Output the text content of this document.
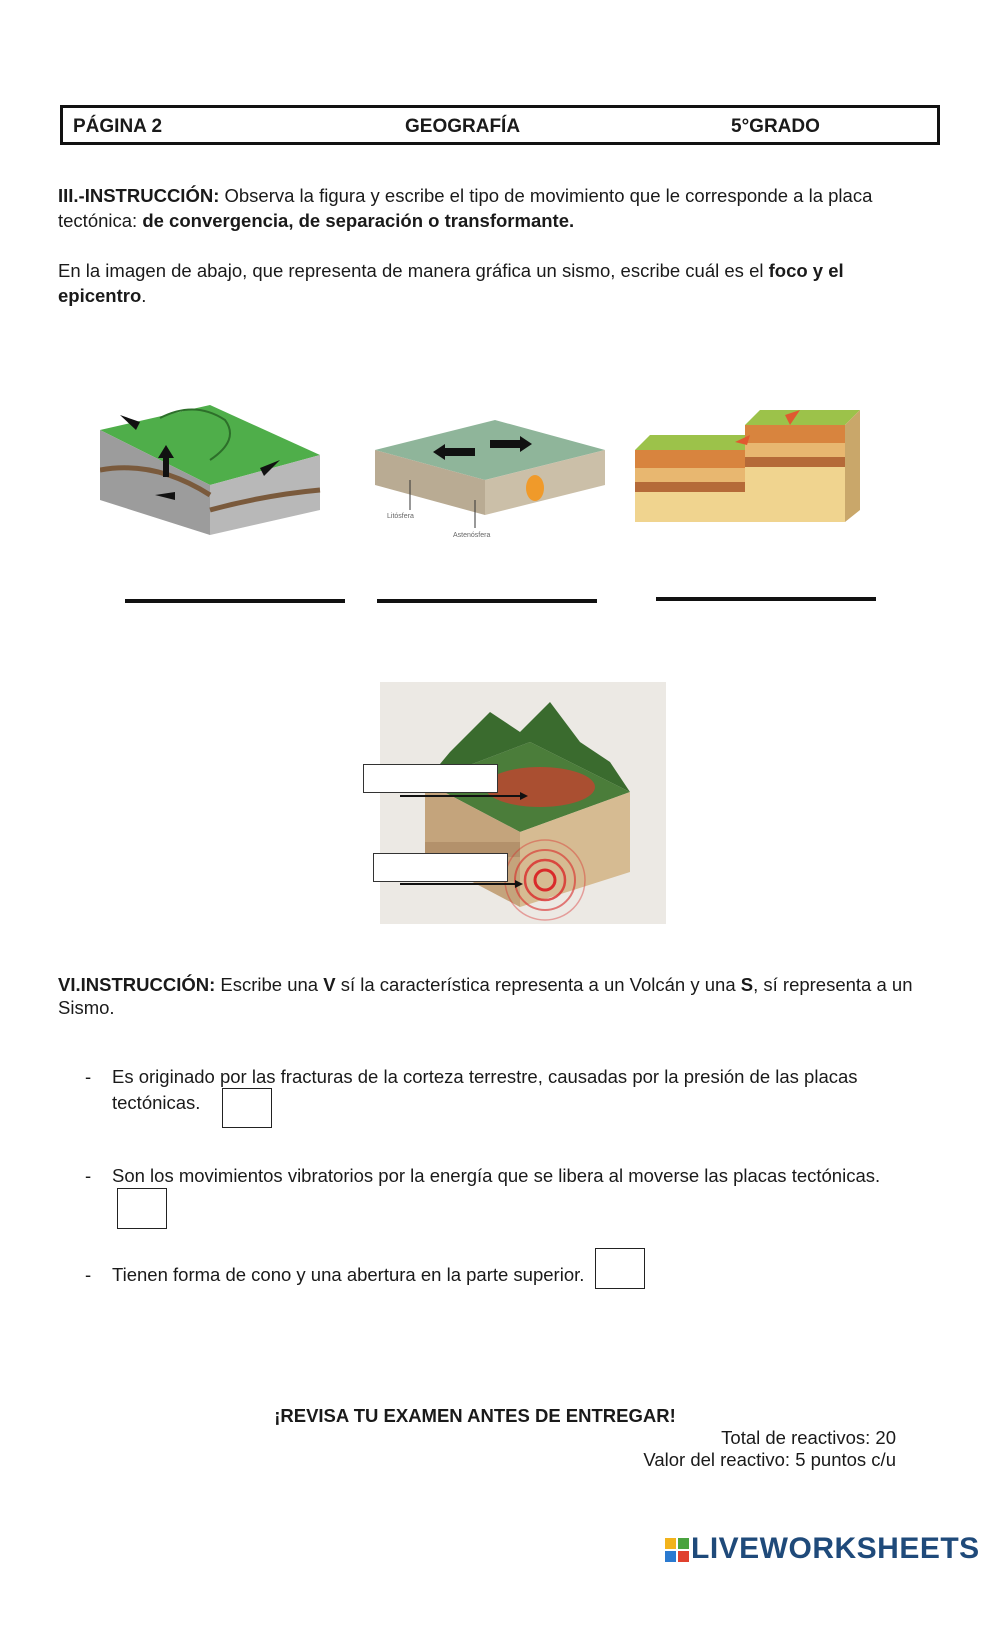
PÁGINA 2	GEOGRAFÍA	5°GRADO
III.-INSTRUCCIÓN: Observa la figura y escribe el tipo de movimiento que le corresponde a la placa tectónica: de convergencia, de separación o transformante.
En la imagen de abajo, que representa de manera gráfica un sismo, escribe cuál es el foco y el
epicentro.
Litósfera
Astenósfera
VI.INSTRUCCIÓN: Escribe una V sí la característica representa a un Volcán y una S, sí representa a un Sismo.
- Es originado por las fracturas de la corteza terrestre, causadas por la presión de las placas
tectónicas.
- Son los movimientos vibratorios por la energía que se libera al moverse las placas tectónicas.
- Tienen forma de cono y una abertura en la parte superior.
¡REVISA TU EXAMEN ANTES DE ENTREGAR!
Total de reactivos: 20
Valor del reactivo: 5 puntos c/u
LIVEWORKSHEETS
